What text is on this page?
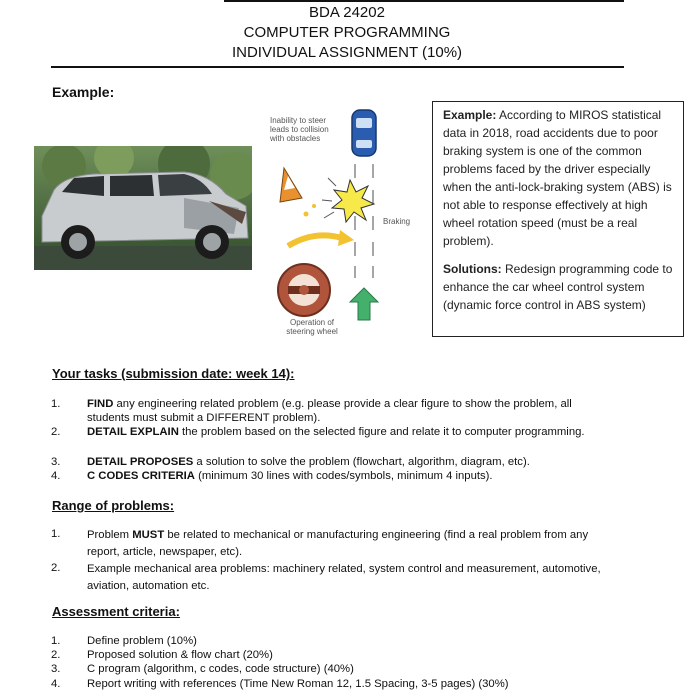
BDA 24202
COMPUTER PROGRAMMING
INDIVIDUAL ASSIGNMENT (10%)
Example:
Inability to steer leads to collision with obstacles
Braking
Operation of steering wheel

Example: According to MIROS statistical data in 2018, road accidents due to poor braking system is one of the common problems faced by the driver especially when the anti-lock-braking system (ABS) is not able to response effectively at high wheel rotation speed (must be a real problem).

Solutions: Redesign programming code to enhance the car wheel control system (dynamic force control in ABS system)

Your tasks (submission date: week 14):
1.	FIND any engineering related problem (e.g. please provide a clear figure to show the problem, all students must submit a DIFFERENT problem).
2.	DETAIL EXPLAIN the problem based on the selected figure and relate it to computer programming.
3.	DETAIL PROPOSES a solution to solve the problem (flowchart, algorithm, diagram, etc).
4.	C CODES CRITERIA (minimum 30 lines with codes/symbols, minimum 4 inputs).
Range of problems:
1.	Problem MUST be related to mechanical or manufacturing engineering (find a real problem from any report, article, newspaper, etc).
2.	Example mechanical area problems: machinery related, system control and measurement, automotive, aviation, automation etc.
Assessment criteria:
1.	Define problem (10%)
2.	Proposed solution & flow chart (20%)
3.	C program (algorithm, c codes, code structure) (40%)
4.	Report writing with references (Time New Roman 12, 1.5 Spacing, 3-5 pages) (30%)
